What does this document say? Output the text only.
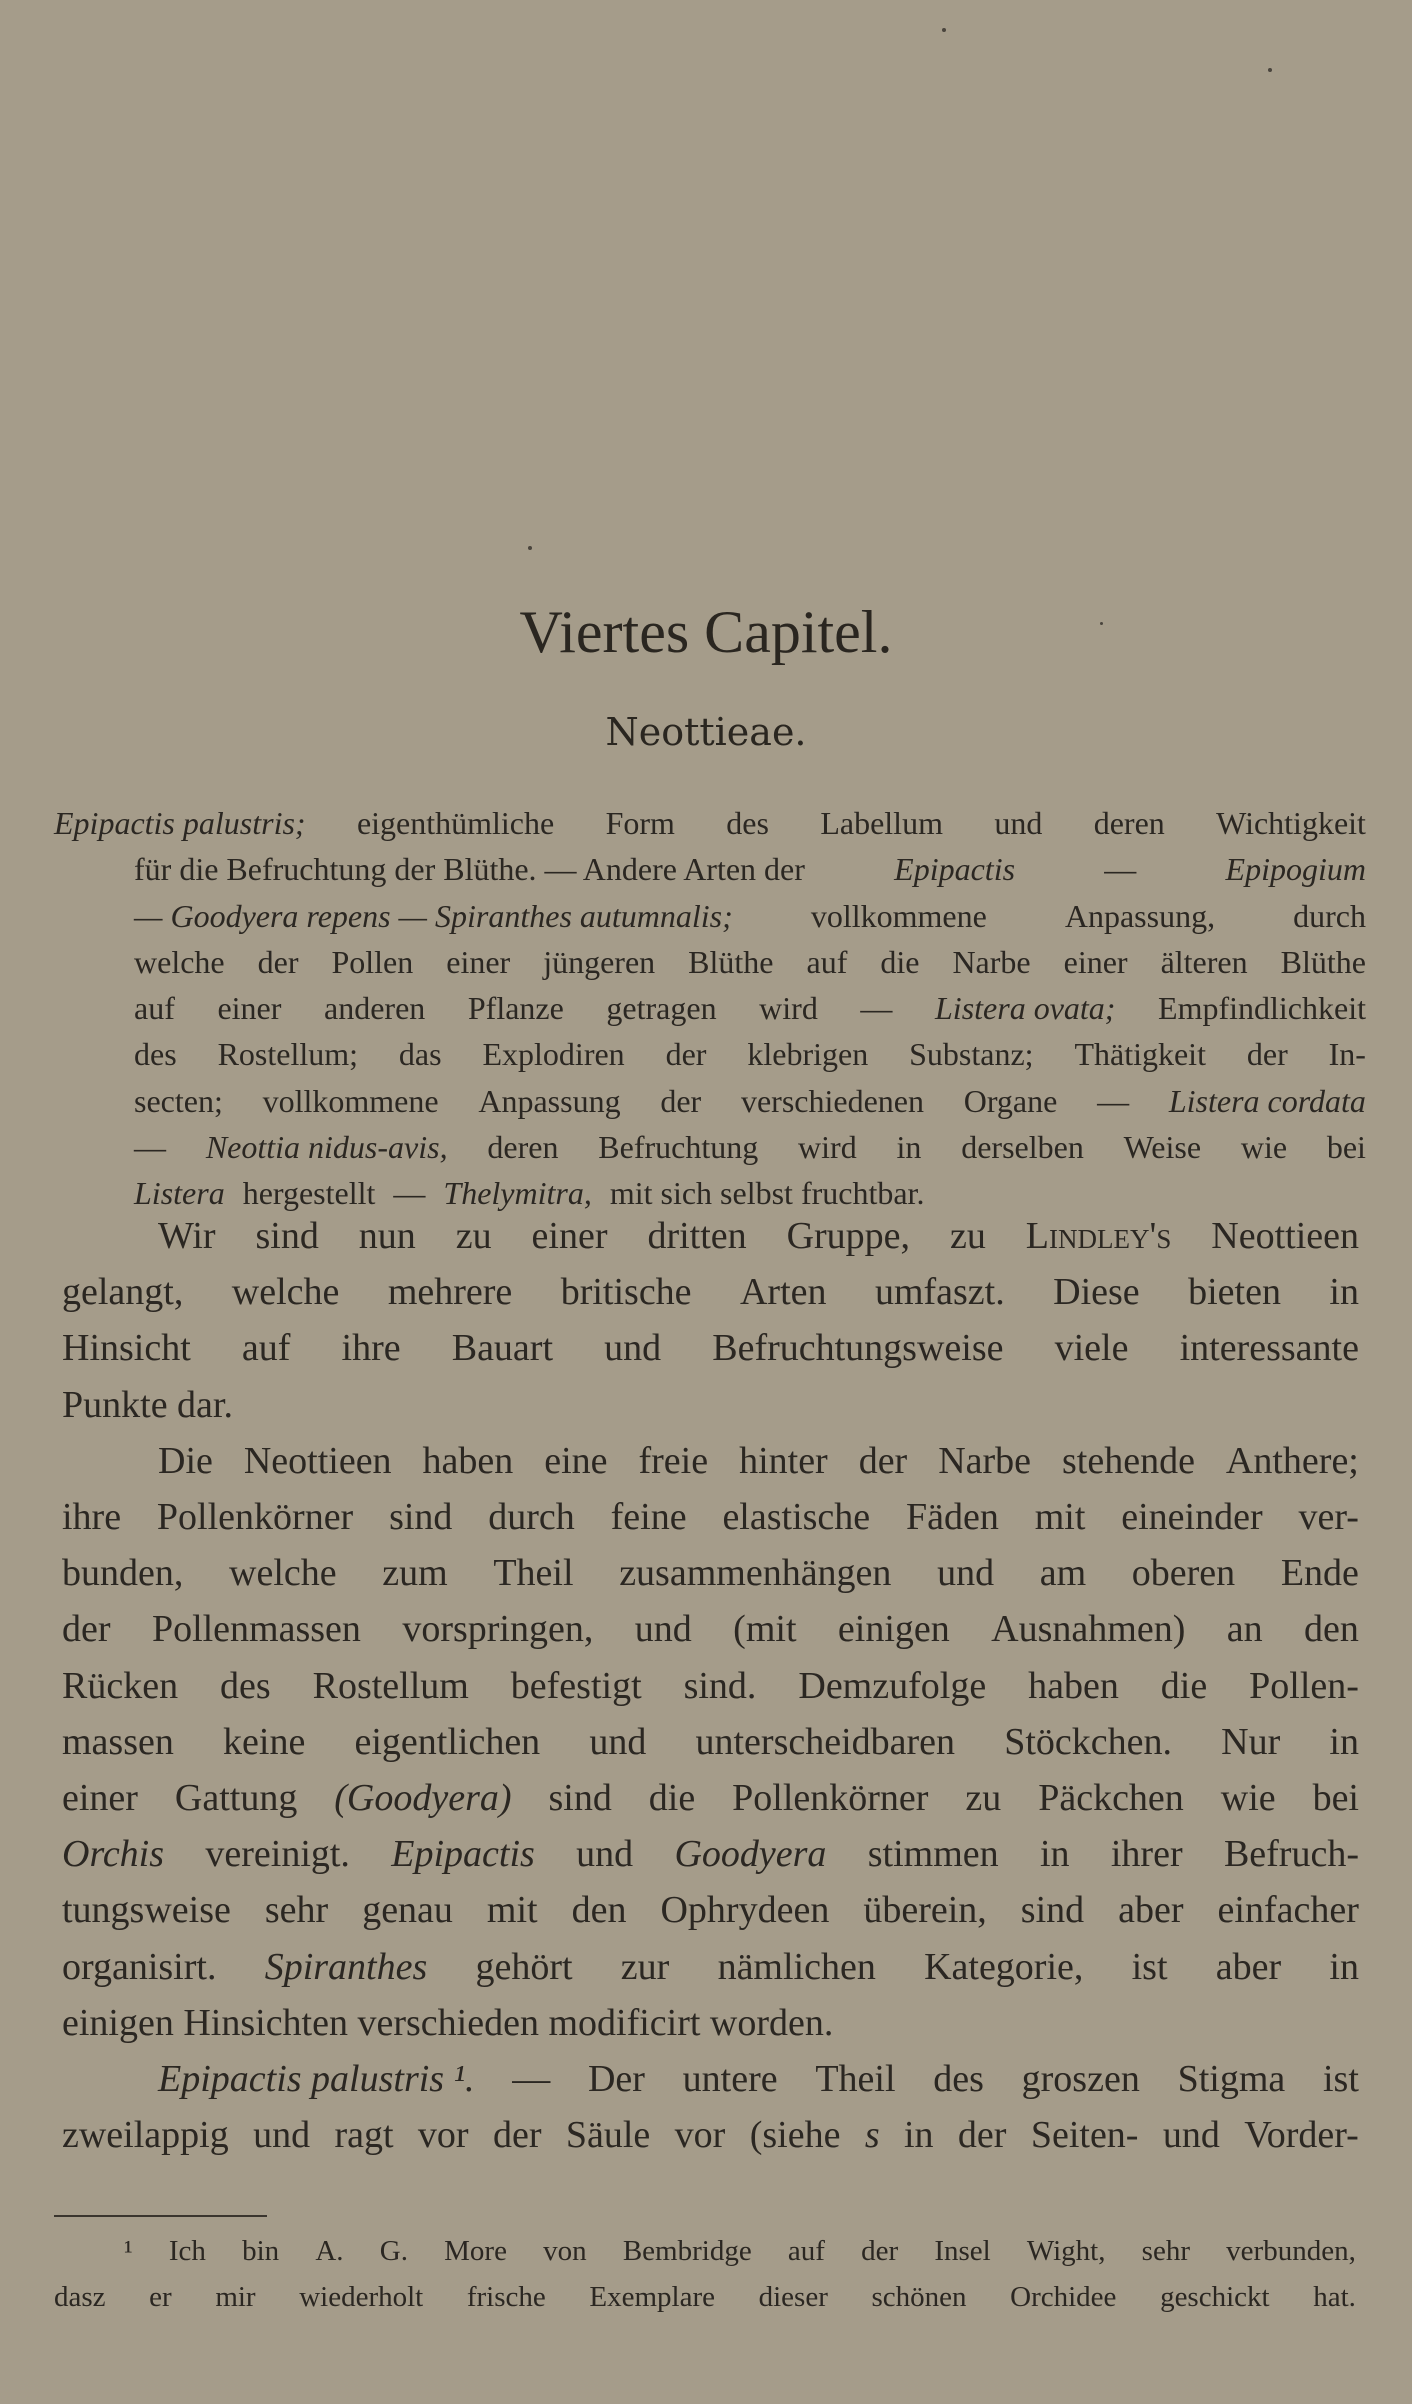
Viertes Capitel.
Neottieae.
Epipactis palustris; eigenthümliche Form des Labellum und deren Wichtigkeit
für die Befruchtung der Blüthe. — Andere Arten der	Epipactis	—	Epipogium
— Goodyera repens — Spiranthes autumnalis; vollkommene Anpassung, durch
welche der Pollen einer jüngeren Blüthe auf die Narbe einer älteren Blüthe
auf einer anderen Pflanze getragen wird — Listera ovata; Empfindlichkeit
des Rostellum; das Explodiren der klebrigen Substanz; Thätigkeit der In-
secten; vollkommene Anpassung der verschiedenen Organe — Listera cordata
— Neottia nidus-avis, deren Befruchtung wird in derselben Weise wie bei
Listera hergestellt — Thelymitra, mit sich selbst fruchtbar.
Wir sind nun zu einer dritten Gruppe, zu Lindley's Neottieen
gelangt, welche mehrere britische Arten umfaszt. Diese bieten in
Hinsicht auf ihre Bauart und Befruchtungsweise viele interessante
Punkte dar.
Die Neottieen haben eine freie hinter der Narbe stehende Anthere;
ihre Pollenkörner sind durch feine elastische Fäden mit eineinder ver-
bunden, welche zum Theil zusammenhängen und am oberen Ende
der Pollenmassen vorspringen, und (mit einigen Ausnahmen) an den
Rücken des Rostellum befestigt sind. Demzufolge haben die Pollen-
massen keine eigentlichen und unterscheidbaren Stöckchen. Nur in
einer Gattung (Goodyera) sind die Pollenkörner zu Päckchen wie bei
Orchis vereinigt. Epipactis und Goodyera stimmen in ihrer Befruch-
tungsweise sehr genau mit den Ophrydeen überein, sind aber einfacher
organisirt. Spiranthes gehört zur nämlichen Kategorie, ist aber in
einigen Hinsichten verschieden modificirt worden.
Epipactis palustris ¹. — Der untere Theil des groszen Stigma ist
zweilappig und ragt vor der Säule vor (siehe s in der Seiten- und Vorder-
¹ Ich bin A. G. More von Bembridge auf der Insel Wight, sehr verbunden,
dasz er mir wiederholt frische Exemplare dieser schönen Orchidee geschickt hat.
